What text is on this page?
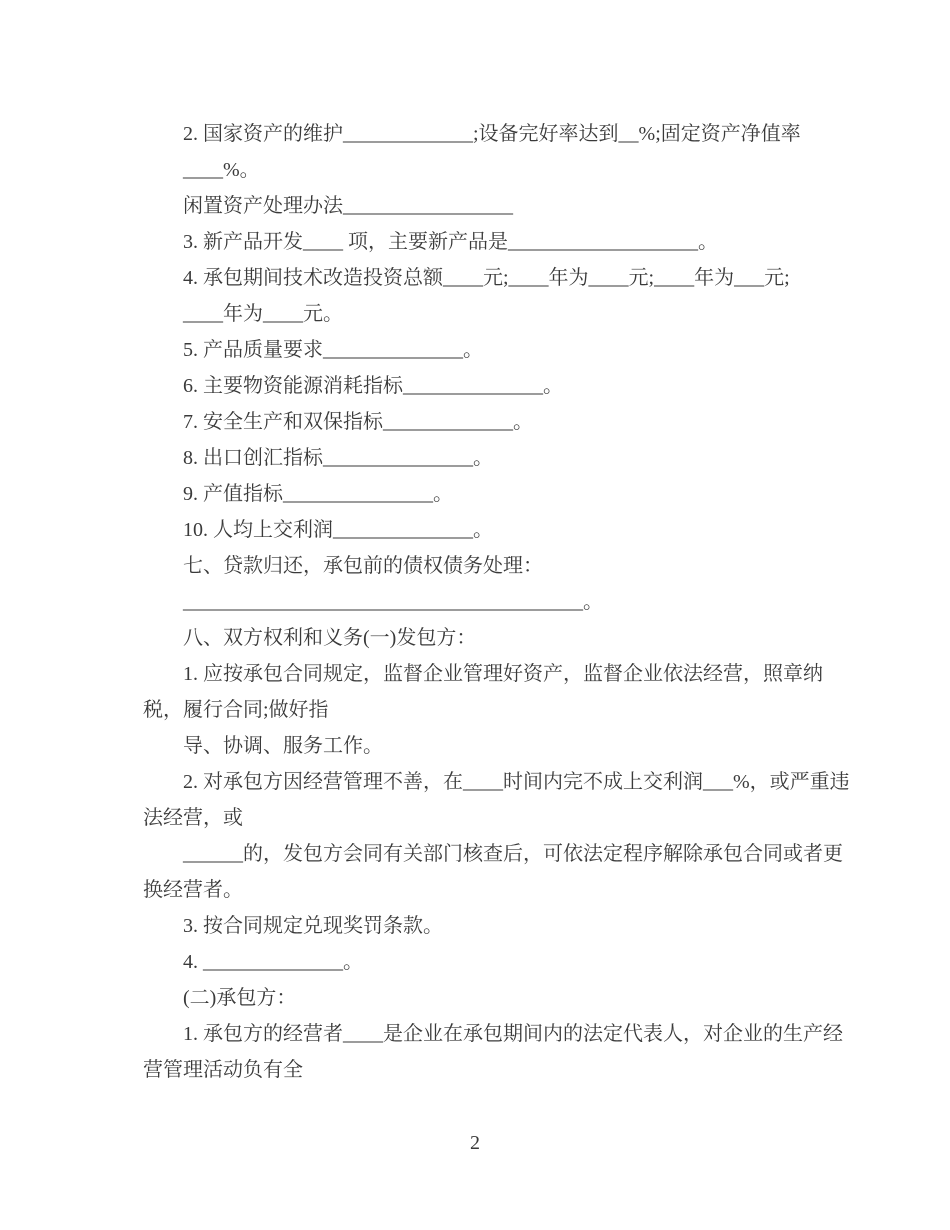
2. 国家资产的维护_____________;设备完好率达到__%;固定资产净值率
____%。
闲置资产处理办法_________________
3. 新产品开发____ 项，主要新产品是___________________。
4. 承包期间技术改造投资总额____元;____年为____元;____年为___元;
____年为____元。
5. 产品质量要求______________。
6. 主要物资能源消耗指标______________。
7. 安全生产和双保指标_____________。
8. 出口创汇指标_______________。
9. 产值指标_______________。
10. 人均上交利润______________。
七、贷款归还，承包前的债权债务处理：
________________________________________。
八、双方权利和义务(一)发包方：
1. 应按承包合同规定，监督企业管理好资产，监督企业依法经营，照章纳
税，履行合同;做好指
导、协调、服务工作。
2. 对承包方因经营管理不善，在____时间内完不成上交利润___%，或严重违
法经营，或
______的，发包方会同有关部门核查后，可依法定程序解除承包合同或者更
换经营者。
3. 按合同规定兑现奖罚条款。
4. ______________。
(二)承包方：
1. 承包方的经营者____是企业在承包期间内的法定代表人，对企业的生产经
营管理活动负有全
2
